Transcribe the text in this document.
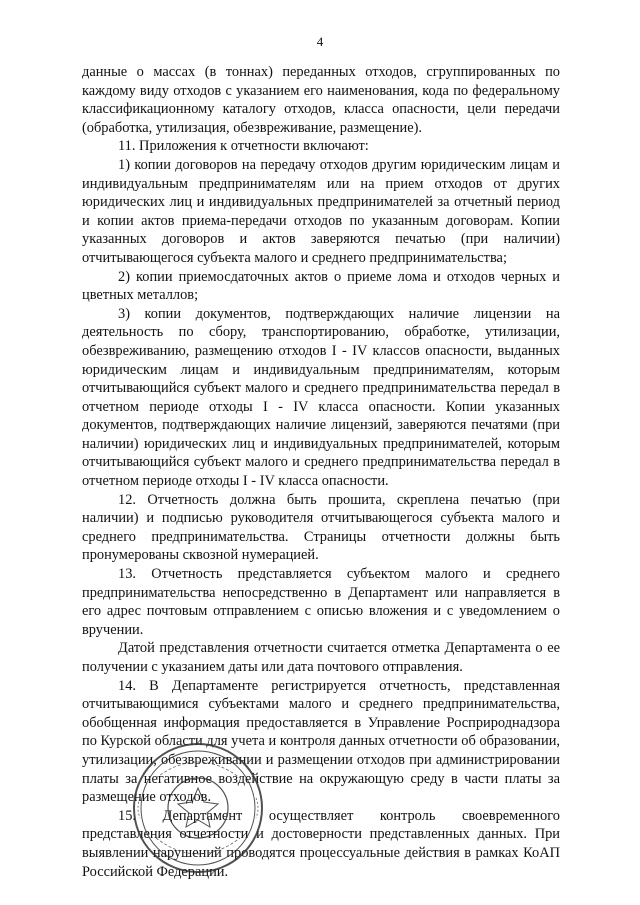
4

данные о массах (в тоннах) переданных отходов, сгруппированных по каждому виду отходов с указанием его наименования, кода по федеральному классификационному каталогу отходов, класса опасности, цели передачи (обработка, утилизация, обезвреживание, размещение).

11. Приложения к отчетности включают:

1) копии договоров на передачу отходов другим юридическим лицам и индивидуальным предпринимателям или на прием отходов от других юридических лиц и индивидуальных предпринимателей за отчетный период и копии актов приема-передачи отходов по указанным договорам. Копии указанных договоров и актов заверяются печатью (при наличии) отчитывающегося субъекта малого и среднего предпринимательства;

2) копии приемосдаточных актов о приеме лома и отходов черных и цветных металлов;

3) копии документов, подтверждающих наличие лицензии на деятельность по сбору, транспортированию, обработке, утилизации, обезвреживанию, размещению отходов I - IV классов опасности, выданных юридическим лицам и индивидуальным предпринимателям, которым отчитывающийся субъект малого и среднего предпринимательства передал в отчетном периоде отходы I - IV класса опасности. Копии указанных документов, подтверждающих наличие лицензий, заверяются печатями (при наличии) юридических лиц и индивидуальных предпринимателей, которым отчитывающийся субъект малого и среднего предпринимательства передал в отчетном периоде отходы I - IV класса опасности.

12. Отчетность должна быть прошита, скреплена печатью (при наличии) и подписью руководителя отчитывающегося субъекта малого и среднего предпринимательства. Страницы отчетности должны быть пронумерованы сквозной нумерацией.

13. Отчетность представляется субъектом малого и среднего предпринимательства непосредственно в Департамент или направляется в его адрес почтовым отправлением с описью вложения и с уведомлением о вручении.

Датой представления отчетности считается отметка Департамента о ее получении с указанием даты или дата почтового отправления.

14. В Департаменте регистрируется отчетность, представленная отчитывающимися субъектами малого и среднего предпринимательства, обобщенная информация предоставляется в Управление Росприроднадзора по Курской области для учета и контроля данных отчетности об образовании, утилизации, обезвреживании и размещении отходов при администрировании платы за негативное воздействие на окружающую среду в части платы за размещение отходов.

15. Департамент осуществляет контроль своевременного представления отчетности и достоверности представленных данных. При выявлении нарушений проводятся процессуальные действия в рамках КоАП Российской Федерации.
